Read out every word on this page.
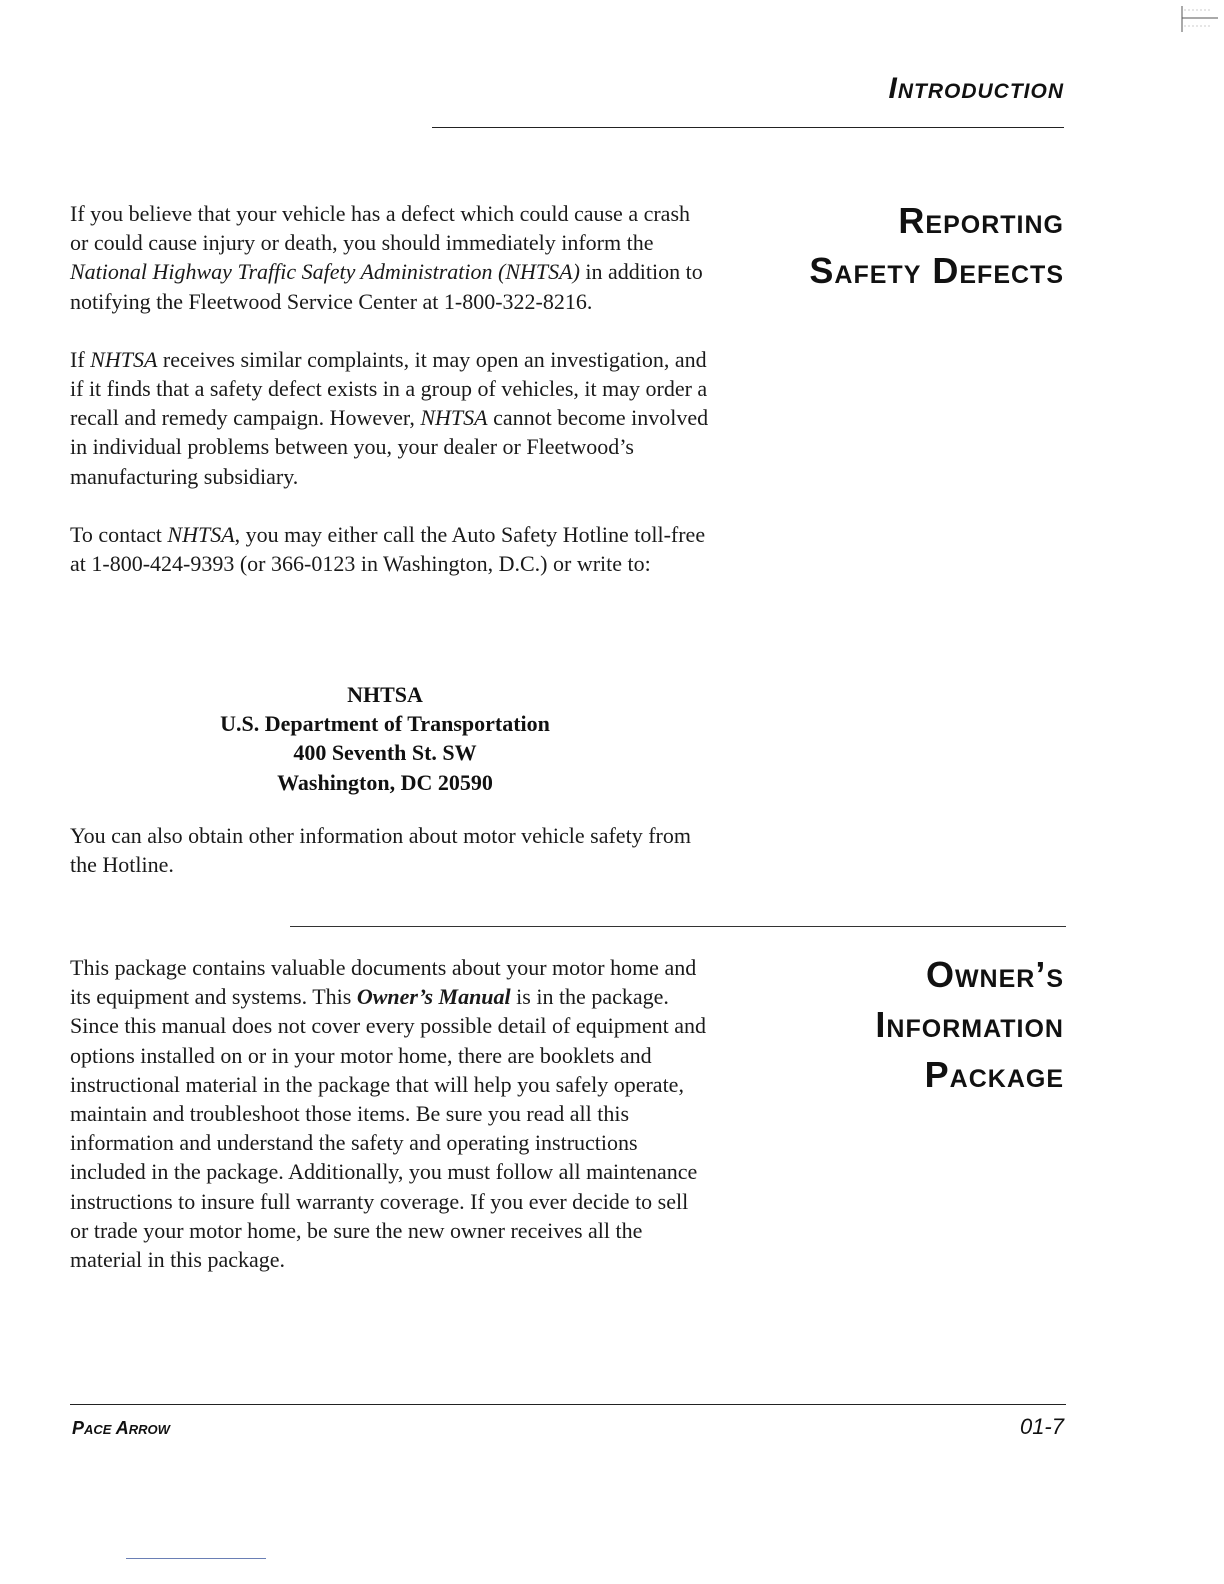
Introduction
Reporting
Safety Defects

If you believe that your vehicle has a defect which could cause a crash or could cause injury or death, you should immediately inform the National Highway Traffic Safety Administration (NHTSA) in addition to notifying the Fleetwood Service Center at 1-800-322-8216.

If NHTSA receives similar complaints, it may open an investigation, and if it finds that a safety defect exists in a group of vehicles, it may order a recall and remedy campaign. However, NHTSA cannot become involved in individual problems between you, your dealer or Fleetwood’s manufacturing subsidiary.

To contact NHTSA, you may either call the Auto Safety Hotline toll-free at 1-800-424-9393 (or 366-0123 in Washington, D.C.) or write to:

NHTSA
U.S. Department of Transportation
400 Seventh St. SW
Washington, DC 20590

You can also obtain other information about motor vehicle safety from the Hotline.

Owner’s
Information
Package

This package contains valuable documents about your motor home and its equipment and systems. This Owner’s Manual is in the package. Since this manual does not cover every possible detail of equipment and options installed on or in your motor home, there are booklets and instructional material in the package that will help you safely operate, maintain and troubleshoot those items. Be sure you read all this information and understand the safety and operating instructions included in the package. Additionally, you must follow all maintenance instructions to insure full warranty coverage. If you ever decide to sell or trade your motor home, be sure the new owner receives all the material in this package.

Pace Arrow	01-7
